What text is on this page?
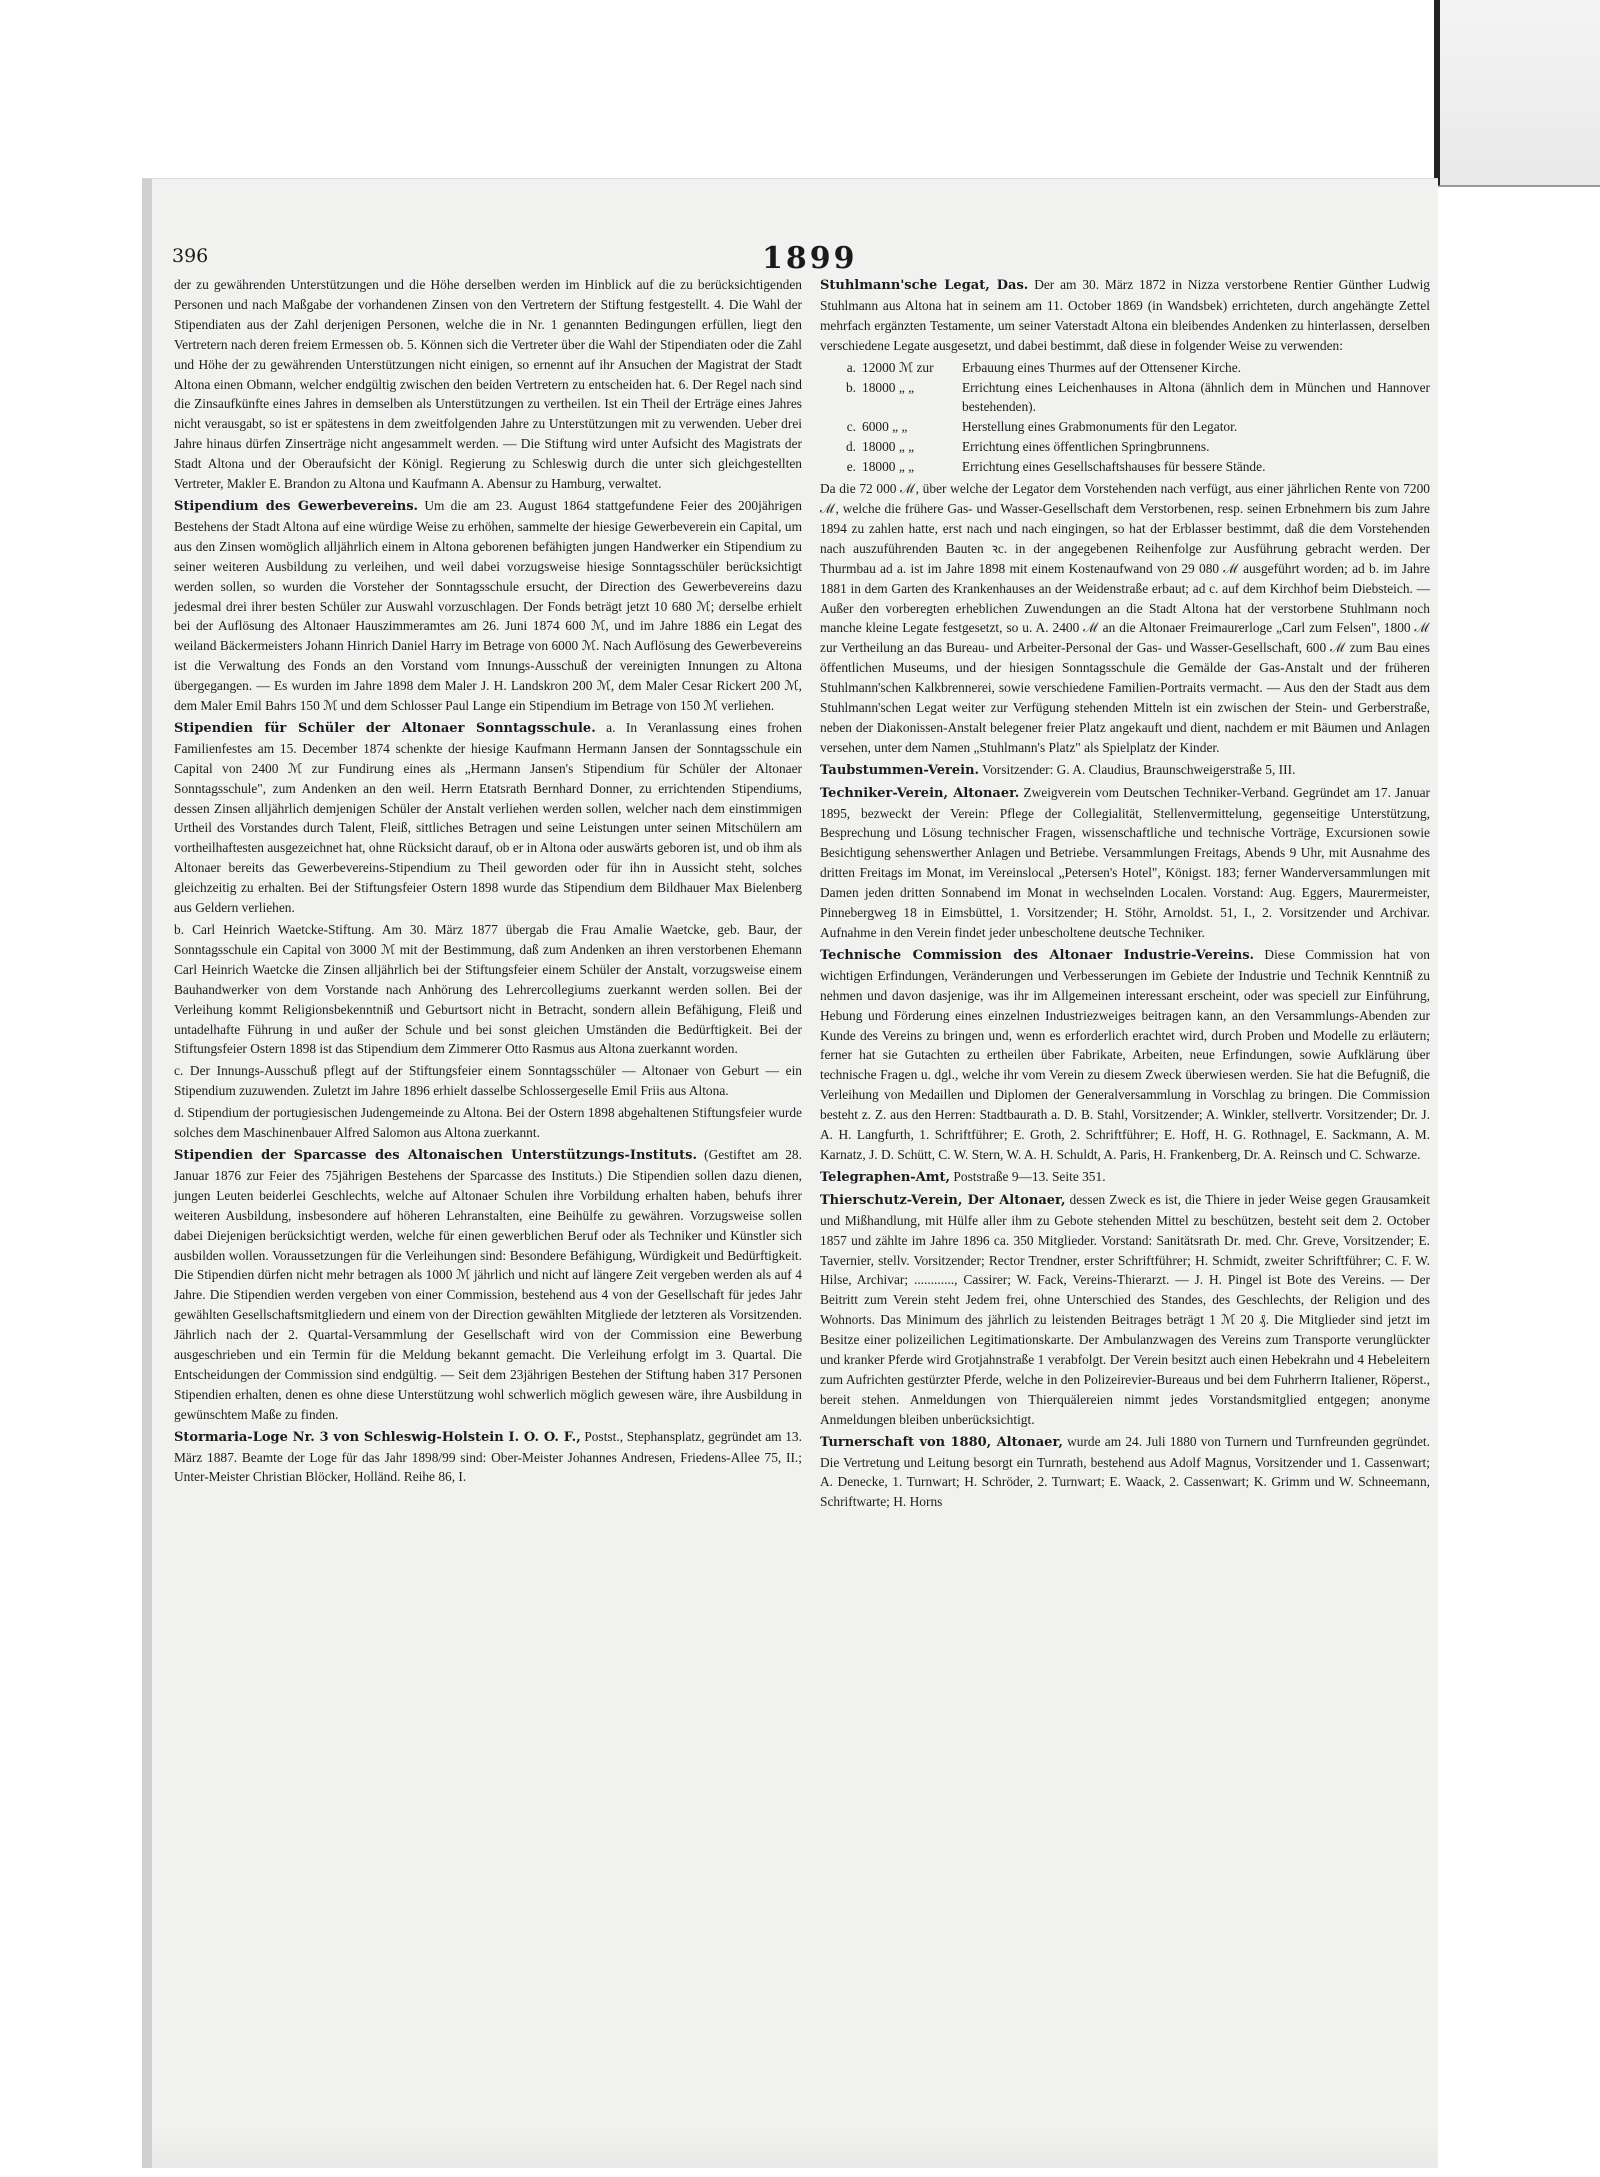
396	1899

der zu gewährenden Unterstützungen und die Höhe derselben werden im Hinblick auf die zu berücksichtigenden Personen und nach Maßgabe der vorhandenen Zinsen von den Vertretern der Stiftung festgestellt. 4. Die Wahl der Stipendiaten aus der Zahl derjenigen Personen, welche die in Nr. 1 genannten Bedingungen erfüllen, liegt den Vertretern nach deren freiem Ermessen ob. 5. Können sich die Vertreter über die Wahl der Stipendiaten oder die Zahl und Höhe der zu gewährenden Unterstützungen nicht einigen, so ernennt auf ihr Ansuchen der Magistrat der Stadt Altona einen Obmann, welcher endgültig zwischen den beiden Vertretern zu entscheiden hat. 6. Der Regel nach sind die Zinsaufkünfte eines Jahres in demselben als Unterstützungen zu vertheilen. Ist ein Theil der Erträge eines Jahres nicht verausgabt, so ist er spätestens in dem zweitfolgenden Jahre zu Unterstützungen mit zu verwenden. Ueber drei Jahre hinaus dürfen Zinserträge nicht angesammelt werden. — Die Stiftung wird unter Aufsicht des Magistrats der Stadt Altona und der Oberaufsicht der Königl. Regierung zu Schleswig durch die unter sich gleichgestellten Vertreter, Makler E. Brandon zu Altona und Kaufmann A. Abensur zu Hamburg, verwaltet.

Stipendium des Gewerbevereins. Um die am 23. August 1864 stattgefundene Feier des 200jährigen Bestehens der Stadt Altona auf eine würdige Weise zu erhöhen, sammelte der hiesige Gewerbeverein ein Capital, um aus den Zinsen womöglich alljährlich einem in Altona geborenen befähigten jungen Handwerker ein Stipendium zu seiner weiteren Ausbildung zu verleihen, und weil dabei vorzugsweise hiesige Sonntagsschüler berücksichtigt werden sollen, so wurden die Vorsteher der Sonntagsschule ersucht, der Direction des Gewerbevereins dazu jedesmal drei ihrer besten Schüler zur Auswahl vorzuschlagen. Der Fonds beträgt jetzt 10 680 ℳ; derselbe erhielt bei der Auflösung des Altonaer Hauszimmeramtes am 26. Juni 1874 600 ℳ, und im Jahre 1886 ein Legat des weiland Bäckermeisters Johann Hinrich Daniel Harry im Betrage von 6000 ℳ. Nach Auflösung des Gewerbevereins ist die Verwaltung des Fonds an den Vorstand vom Innungs-Ausschuß der vereinigten Innungen zu Altona übergegangen. — Es wurden im Jahre 1898 dem Maler J. H. Landskron 200 ℳ, dem Maler Cesar Rickert 200 ℳ, dem Maler Emil Bahrs 150 ℳ und dem Schlosser Paul Lange ein Stipendium im Betrage von 150 ℳ verliehen.

Stipendien für Schüler der Altonaer Sonntagsschule. a. In Veranlassung eines frohen Familienfestes am 15. December 1874 schenkte der hiesige Kaufmann Hermann Jansen der Sonntagsschule ein Capital von 2400 ℳ zur Fundirung eines als „Hermann Jansen's Stipendium für Schüler der Altonaer Sonntagsschule", zum Andenken an den weil. Herrn Etatsrath Bernhard Donner, zu errichtenden Stipendiums, dessen Zinsen alljährlich demjenigen Schüler der Anstalt verliehen werden sollen, welcher nach dem einstimmigen Urtheil des Vorstandes durch Talent, Fleiß, sittliches Betragen und seine Leistungen unter seinen Mitschülern am vortheilhaftesten ausgezeichnet hat, ohne Rücksicht darauf, ob er in Altona oder auswärts geboren ist, und ob ihm als Altonaer bereits das Gewerbevereins-Stipendium zu Theil geworden oder für ihn in Aussicht steht, solches gleichzeitig zu erhalten. Bei der Stiftungsfeier Ostern 1898 wurde das Stipendium dem Bildhauer Max Bielenberg aus Geldern verliehen.

b. Carl Heinrich Waetcke-Stiftung. Am 30. März 1877 übergab die Frau Amalie Waetcke, geb. Baur, der Sonntagsschule ein Capital von 3000 ℳ mit der Bestimmung, daß zum Andenken an ihren verstorbenen Ehemann Carl Heinrich Waetcke die Zinsen alljährlich bei der Stiftungsfeier einem Schüler der Anstalt, vorzugsweise einem Bauhandwerker von dem Vorstande nach Anhörung des Lehrercollegiums zuerkannt werden sollen. Bei der Verleihung kommt Religionsbekenntniß und Geburtsort nicht in Betracht, sondern allein Befähigung, Fleiß und untadelhafte Führung in und außer der Schule und bei sonst gleichen Umständen die Bedürftigkeit. Bei der Stiftungsfeier Ostern 1898 ist das Stipendium dem Zimmerer Otto Rasmus aus Altona zuerkannt worden.

c. Der Innungs-Ausschuß pflegt auf der Stiftungsfeier einem Sonntagsschüler — Altonaer von Geburt — ein Stipendium zuzuwenden. Zuletzt im Jahre 1896 erhielt dasselbe Schlossergeselle Emil Friis aus Altona.

d. Stipendium der portugiesischen Judengemeinde zu Altona. Bei der Ostern 1898 abgehaltenen Stiftungsfeier wurde solches dem Maschinenbauer Alfred Salomon aus Altona zuerkannt.

Stipendien der Sparcasse des Altonaischen Unterstützungs-Instituts. (Gestiftet am 28. Januar 1876 zur Feier des 75jährigen Bestehens der Sparcasse des Instituts.) Die Stipendien sollen dazu dienen, jungen Leuten beiderlei Geschlechts, welche auf Altonaer Schulen ihre Vorbildung erhalten haben, behufs ihrer weiteren Ausbildung, insbesondere auf höheren Lehranstalten, eine Beihülfe zu gewähren. Vorzugsweise sollen dabei Diejenigen berücksichtigt werden, welche für einen gewerblichen Beruf oder als Techniker und Künstler sich ausbilden wollen. Voraussetzungen für die Verleihungen sind: Besondere Befähigung, Würdigkeit und Bedürftigkeit. Die Stipendien dürfen nicht mehr betragen als 1000 ℳ jährlich und nicht auf längere Zeit vergeben werden als auf 4 Jahre. Die Stipendien werden vergeben von einer Commission, bestehend aus 4 von der Gesellschaft für jedes Jahr gewählten Gesellschaftsmitgliedern und einem von der Direction gewählten Mitgliede der letzteren als Vorsitzenden. Jährlich nach der 2. Quartal-Versammlung der Gesellschaft wird von der Commission eine Bewerbung ausgeschrieben und ein Termin für die Meldung bekannt gemacht. Die Verleihung erfolgt im 3. Quartal. Die Entscheidungen der Commission sind endgültig. — Seit dem 23jährigen Bestehen der Stiftung haben 317 Personen Stipendien erhalten, denen es ohne diese Unterstützung wohl schwerlich möglich gewesen wäre, ihre Ausbildung in gewünschtem Maße zu finden.

Stormaria-Loge Nr. 3 von Schleswig-Holstein I. O. O. F., Postst., Stephansplatz, gegründet am 13. März 1887. Beamte der Loge für das Jahr 1898/99 sind: Ober-Meister Johannes Andresen, Friedens-Allee 75, II.; Unter-Meister Christian Blöcker, Holländ. Reihe 86, I.

Stuhlmann'sche Legat, Das. Der am 30. März 1872 in Nizza verstorbene Rentier Günther Ludwig Stuhlmann aus Altona hat in seinem am 11. October 1869 (in Wandsbek) errichteten, durch angehängte Zettel mehrfach ergänzten Testamente, um seiner Vaterstadt Altona ein bleibendes Andenken zu hinterlassen, derselben verschiedene Legate ausgesetzt, und dabei bestimmt, daß diese in folgender Weise zu verwenden:

a. 12000 ℳ zur	Erbauung eines Thurmes auf der Ottensener Kirche.
b. 18000 „ „	Errichtung eines Leichenhauses in Altona (ähnlich dem in München und Hannover bestehenden).
c. 6000 „ „	Herstellung eines Grabmonuments für den Legator.
d. 18000 „ „	Errichtung eines öffentlichen Springbrunnens.
e. 18000 „ „	Errichtung eines Gesellschaftshauses für bessere Stände.

Da die 72 000 ℳ, über welche der Legator dem Vorstehenden nach verfügt, aus einer jährlichen Rente von 7200 ℳ, welche die frühere Gas- und Wasser-Gesellschaft dem Verstorbenen, resp. seinen Erbnehmern bis zum Jahre 1894 zu zahlen hatte, erst nach und nach eingingen, so hat der Erblasser bestimmt, daß die dem Vorstehenden nach auszuführenden Bauten ꝛc. in der angegebenen Reihenfolge zur Ausführung gebracht werden. Der Thurmbau ad a. ist im Jahre 1898 mit einem Kostenaufwand von 29 080 ℳ ausgeführt worden; ad b. im Jahre 1881 in dem Garten des Krankenhauses an der Weidenstraße erbaut; ad c. auf dem Kirchhof beim Diebsteich. — Außer den vorberegten erheblichen Zuwendungen an die Stadt Altona hat der verstorbene Stuhlmann noch manche kleine Legate festgesetzt, so u. A. 2400 ℳ an die Altonaer Freimaurerloge „Carl zum Felsen", 1800 ℳ zur Vertheilung an das Bureau- und Arbeiter-Personal der Gas- und Wasser-Gesellschaft, 600 ℳ zum Bau eines öffentlichen Museums, und der hiesigen Sonntagsschule die Gemälde der Gas-Anstalt und der früheren Stuhlmann'schen Kalkbrennerei, sowie verschiedene Familien-Portraits vermacht. — Aus den der Stadt aus dem Stuhlmann'schen Legat weiter zur Verfügung stehenden Mitteln ist ein zwischen der Stein- und Gerberstraße, neben der Diakonissen-Anstalt belegener freier Platz angekauft und dient, nachdem er mit Bäumen und Anlagen versehen, unter dem Namen „Stuhlmann's Platz" als Spielplatz der Kinder.

Taubstummen-Verein. Vorsitzender: G. A. Claudius, Braunschweigerstraße 5, III.

Techniker-Verein, Altonaer. Zweigverein vom Deutschen Techniker-Verband. Gegründet am 17. Januar 1895, bezweckt der Verein: Pflege der Collegialität, Stellenvermittelung, gegenseitige Unterstützung, Besprechung und Lösung technischer Fragen, wissenschaftliche und technische Vorträge, Excursionen sowie Besichtigung sehenswerther Anlagen und Betriebe. Versammlungen Freitags, Abends 9 Uhr, mit Ausnahme des dritten Freitags im Monat, im Vereinslocal „Petersen's Hotel", Königst. 183; ferner Wanderversammlungen mit Damen jeden dritten Sonnabend im Monat in wechselnden Localen. Vorstand: Aug. Eggers, Maurermeister, Pinnebergweg 18 in Eimsbüttel, 1. Vorsitzender; H. Stöhr, Arnoldst. 51, I., 2. Vorsitzender und Archivar. Aufnahme in den Verein findet jeder unbescholtene deutsche Techniker.

Technische Commission des Altonaer Industrie-Vereins. Diese Commission hat von wichtigen Erfindungen, Veränderungen und Verbesserungen im Gebiete der Industrie und Technik Kenntniß zu nehmen und davon dasjenige, was ihr im Allgemeinen interessant erscheint, oder was speciell zur Einführung, Hebung und Förderung eines einzelnen Industriezweiges beitragen kann, an den Versammlungs-Abenden zur Kunde des Vereins zu bringen und, wenn es erforderlich erachtet wird, durch Proben und Modelle zu erläutern; ferner hat sie Gutachten zu ertheilen über Fabrikate, Arbeiten, neue Erfindungen, sowie Aufklärung über technische Fragen u. dgl., welche ihr vom Verein zu diesem Zweck überwiesen werden. Sie hat die Befugniß, die Verleihung von Medaillen und Diplomen der Generalversammlung in Vorschlag zu bringen. Die Commission besteht z. Z. aus den Herren: Stadtbaurath a. D. B. Stahl, Vorsitzender; A. Winkler, stellvertr. Vorsitzender; Dr. J. A. H. Langfurth, 1. Schriftführer; E. Groth, 2. Schriftführer; E. Hoff, H. G. Rothnagel, E. Sackmann, A. M. Karnatz, J. D. Schütt, C. W. Stern, W. A. H. Schuldt, A. Paris, H. Frankenberg, Dr. A. Reinsch und C. Schwarze.

Telegraphen-Amt, Poststraße 9—13. Seite 351.

Thierschutz-Verein, Der Altonaer, dessen Zweck es ist, die Thiere in jeder Weise gegen Grausamkeit und Mißhandlung, mit Hülfe aller ihm zu Gebote stehenden Mittel zu beschützen, besteht seit dem 2. October 1857 und zählte im Jahre 1896 ca. 350 Mitglieder. Vorstand: Sanitätsrath Dr. med. Chr. Greve, Vorsitzender; E. Tavernier, stellv. Vorsitzender; Rector Trendner, erster Schriftführer; H. Schmidt, zweiter Schriftführer; C. F. W. Hilse, Archivar; ............, Cassirer; W. Fack, Vereins-Thierarzt. — J. H. Pingel ist Bote des Vereins. — Der Beitritt zum Verein steht Jedem frei, ohne Unterschied des Standes, des Geschlechts, der Religion und des Wohnorts. Das Minimum des jährlich zu leistenden Beitrages beträgt 1 ℳ 20 ₰. Die Mitglieder sind jetzt im Besitze einer polizeilichen Legitimationskarte. Der Ambulanzwagen des Vereins zum Transporte verunglückter und kranker Pferde wird Grotjahnstraße 1 verabfolgt. Der Verein besitzt auch einen Hebekrahn und 4 Hebeleitern zum Aufrichten gestürzter Pferde, welche in den Polizeirevier-Bureaus und bei dem Fuhrherrn Italiener, Röperst., bereit stehen. Anmeldungen von Thierquälereien nimmt jedes Vorstandsmitglied entgegen; anonyme Anmeldungen bleiben unberücksichtigt.

Turnerschaft von 1880, Altonaer, wurde am 24. Juli 1880 von Turnern und Turnfreunden gegründet. Die Vertretung und Leitung besorgt ein Turnrath, bestehend aus Adolf Magnus, Vorsitzender und 1. Cassenwart; A. Denecke, 1. Turnwart; H. Schröder, 2. Turnwart; E. Waack, 2. Cassenwart; K. Grimm und W. Schneemann, Schriftwarte; H. Horns
